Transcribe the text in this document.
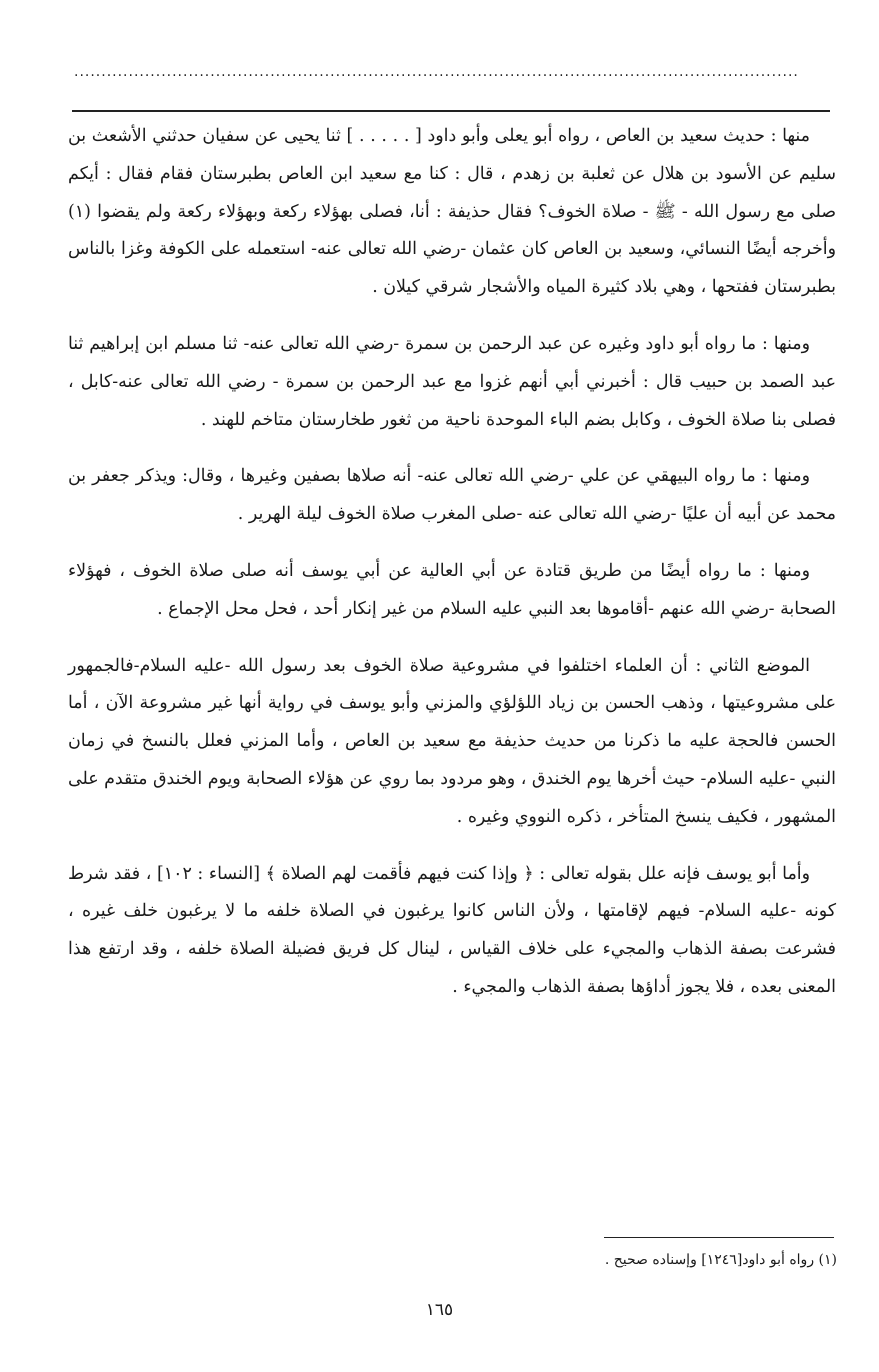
.....................................................................................................................................

منها : حديث سعيد بن العاص ، رواه أبو يعلى وأبو داود [ . . . . . ] ثنا يحيى عن سفيان حدثني الأشعث بن سليم عن الأسود بن هلال عن ثعلبة بن زهدم ، قال : كنا مع سعيد ابن العاص بطبرستان فقام فقال : أيكم صلى مع رسول الله - ﷺ - صلاة الخوف؟ فقال حذيفة : أنا، فصلى بهؤلاء ركعة وبهؤلاء ركعة ولم يقضوا (١) وأخرجه أيضًا النسائي، وسعيد بن العاص كان عثمان -رضي الله تعالى عنه- استعمله على الكوفة وغزا بالناس بطبرستان ففتحها ، وهي بلاد كثيرة المياه والأشجار شرقي كيلان .

ومنها : ما رواه أبو داود وغيره عن عبد الرحمن بن سمرة -رضي الله تعالى عنه- ثنا مسلم ابن إبراهيم ثنا عبد الصمد بن حبيب قال : أخبرني أبي أنهم غزوا مع عبد الرحمن بن سمرة - رضي الله تعالى عنه-كابل ، فصلى بنا صلاة الخوف ، وكابل بضم الباء الموحدة ناحية من ثغور طخارستان متاخم للهند .

ومنها : ما رواه البيهقي عن علي -رضي الله تعالى عنه- أنه صلاها بصفين وغيرها ، وقال: ويذكر جعفر بن محمد عن أبيه أن عليًا -رضي الله تعالى عنه -صلى المغرب صلاة الخوف ليلة الهرير .

ومنها : ما رواه أيضًا من طريق قتادة عن أبي العالية عن أبي يوسف أنه صلى صلاة الخوف ، فهؤلاء الصحابة -رضي الله عنهم -أقاموها بعد النبي عليه السلام من غير إنكار أحد ، فحل محل الإجماع .

الموضع الثاني : أن العلماء اختلفوا في مشروعية صلاة الخوف بعد رسول الله -عليه السلام-فالجمهور على مشروعيتها ، وذهب الحسن بن زياد اللؤلؤي والمزني وأبو يوسف في رواية أنها غير مشروعة الآن ، أما الحسن فالحجة عليه ما ذكرنا من حديث حذيفة مع سعيد بن العاص ، وأما المزني فعلل بالنسخ في زمان النبي -عليه السلام- حيث أخرها يوم الخندق ، وهو مردود بما روي عن هؤلاء الصحابة ويوم الخندق متقدم على المشهور ، فكيف ينسخ المتأخر ، ذكره النووي وغيره .

وأما أبو يوسف فإنه علل بقوله تعالى : ﴿ وإذا كنت فيهم فأقمت لهم الصلاة ﴾ [النساء : ١٠٢] ، فقد شرط كونه -عليه السلام- فيهم لإقامتها ، ولأن الناس كانوا يرغبون في الصلاة خلفه ما لا يرغبون خلف غيره ، فشرعت بصفة الذهاب والمجيء على خلاف القياس ، لينال كل فريق فضيلة الصلاة خلفه ، وقد ارتفع هذا المعنى بعده ، فلا يجوز أداؤها بصفة الذهاب والمجيء .

(١) رواه أبو داود[١٢٤٦] وإسناده صحيح .
١٦٥
